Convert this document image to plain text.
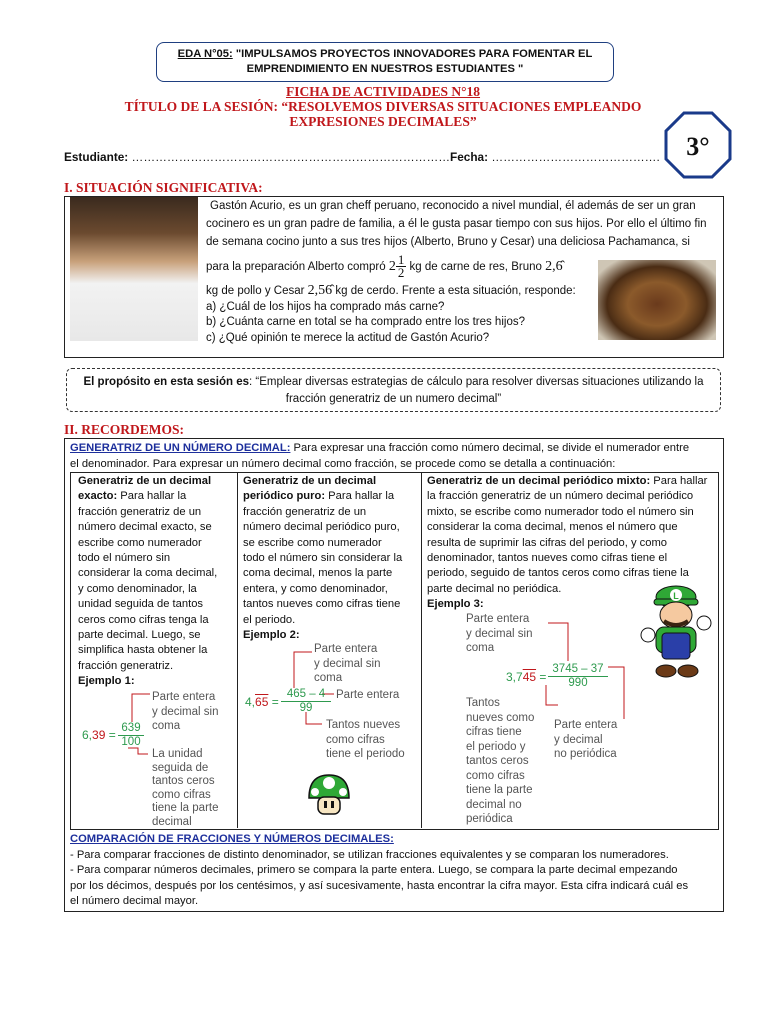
EDA N°05: "IMPULSAMOS PROYECTOS INNOVADORES PARA FOMENTAR EL
EMPRENDIMIENTO EN NUESTROS ESTUDIANTES "
FICHA DE ACTIVIDADES N°18
TÍTULO DE LA SESIÓN: “RESOLVEMOS DIVERSAS SITUACIONES EMPLEANDO
EXPRESIONES DECIMALES”
3°
Estudiante: ……………………………………………………………………….
Fecha: …………………………………….
I. SITUACIÓN SIGNIFICATIVA:
Gastón Acurio, es un gran cheff peruano, reconocido a nivel mundial, él además de ser un gran
cocinero es un gran padre de familia, a él le gusta pasar tiempo con sus hijos. Por ello el último fin
de semana cocino junto a sus tres hijos (Alberto, Bruno y Cesar) una deliciosa Pachamanca, si
para la preparación Alberto compró $2 \frac{1}{2}$ kg de carne de res, Bruno 2,6̂
kg de pollo y Cesar 2,56̂ kg de cerdo. Frente a esta situación, responde:
a) ¿Cuál de los hijos ha comprado más carne?
b) ¿Cuánta carne en total se ha comprado entre los tres hijos?
c) ¿Qué opinión te merece la actitud de Gastón Acurio?
El propósito en esta sesión es: “Emplear diversas estrategias de cálculo para resolver diversas situaciones utilizando la
fracción generatriz de un numero decimal”
II. RECORDEMOS:
GENERATRIZ DE UN NÚMERO DECIMAL: Para expresar una fracción como número decimal, se divide el numerador entre
el denominador. Para expresar un número decimal como fracción, se procede como se detalla a continuación:
Generatriz de un decimal
exacto: Para hallar la
fracción generatriz de un
número decimal exacto, se
escribe como numerador
todo el número sin
considerar la coma decimal,
y como denominador, la
unidad seguida de tantos
ceros como cifras tenga la
parte decimal. Luego, se
simplifica hasta obtener la
fracción generatriz.
Ejemplo 1:
$6,39 = \frac{639}{100}$
Parte entera
y decimal sin
coma
La unidad
seguida de
tantos ceros
como cifras
tiene la parte
decimal
Generatriz de un decimal
periódico puro: Para hallar la
fracción generatriz de un
número decimal periódico puro,
se escribe como numerador
todo el número sin considerar la
coma decimal, menos la parte
entera, y como denominador,
tantos nueves como cifras tiene
el periodo.
Ejemplo 2:
Parte entera
y decimal sin
coma
$4,65 = \frac{465 - 4}{99}$ Parte entera
Tantos nueves
como cifras
tiene el periodo
Generatriz de un decimal periódico mixto: Para hallar
la fracción generatriz de un número decimal periódico
mixto, se escribe como numerador todo el número sin
considerar la coma decimal, menos el número que
resulta de suprimir las cifras del periodo, y como
denominador, tantos nueves como cifras tiene el
periodo, seguido de tantos ceros como cifras tiene la
parte decimal no periódica.
Ejemplo 3:
Parte entera
y decimal sin
coma
$3,745 = \frac{3745 - 37}{990}$
Tantos
nueves como
cifras tiene
el periodo y
tantos ceros
como cifras
tiene la parte
decimal no
periódica
Parte entera
y decimal
no periódica
L
COMPARACIÓN DE FRACCIONES Y NÚMEROS DECIMALES:
- Para comparar fracciones de distinto denominador, se utilizan fracciones equivalentes y se comparan los numeradores.
- Para comparar números decimales, primero se compara la parte entera. Luego, se compara la parte decimal empezando
por los décimos, después por los centésimos, y así sucesivamente, hasta encontrar la cifra mayor. Esta cifra indicará cuál es
el número decimal mayor.
